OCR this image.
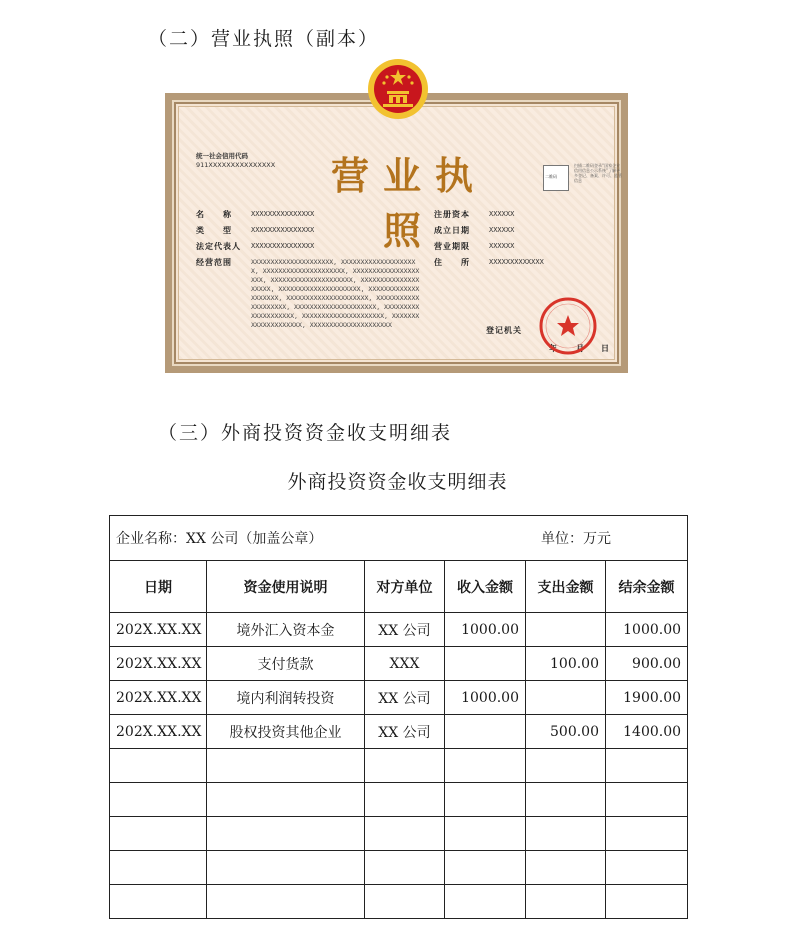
（二）营业执照（副本）
统一社会信用代码
911XXXXXXXXXXXXXXX	营业执照
二维码
扫描二维码登录“国家企业信用信息公示系统”了解更多登记、备案、许可、监管信息
名　　称	XXXXXXXXXXXXXXX
类　　型	XXXXXXXXXXXXXXX
法定代表人 XXXXXXXXXXXXXXX
经营范围	XXXXXXXXXXXXXXXXXXXXX, XXXXXXXXXXXXXXXXXXXX, XXXXXXXXXXXXXXXXXXXXX, XXXXXXXXXXXXXXXXXXXX, XXXXXXXXXXXXXXXXXXXXX, XXXXXXXXXXXXXXXXXXXX, XXXXXXXXXXXXXXXXXXXXX, XXXXXXXXXXXXXXXXXXXX, XXXXXXXXXXXXXXXXXXXXX, XXXXXXXXXXXXXXXXXXXX, XXXXXXXXXXXXXXXXXXXXX, XXXXXXXXXXXXXXXXXXXX, XXXXXXXXXXXXXXXXXXXXX, XXXXXXXXXXXXXXXXXXXX, XXXXXXXXXXXXXXXXXXXXX
注册资本	XXXXXX
成立日期	XXXXXX
营业期限	XXXXXX
住　　所	XXXXXXXXXXXXX
登记机关
年 月 日
（三）外商投资资金收支明细表
外商投资资金收支明细表
企业名称：XX 公司（加盖公章） 单位：万元					

日期	资金使用说明	对方单位	收入金额	支出金额	结余金额
202X.XX.XX	境外汇入资本金	XX 公司	1000.00		1000.00
202X.XX.XX	支付货款	XXX		100.00	900.00
202X.XX.XX	境内利润转投资	XX 公司	1000.00		1900.00
202X.XX.XX	股权投资其他企业	XX 公司		500.00	1400.00
